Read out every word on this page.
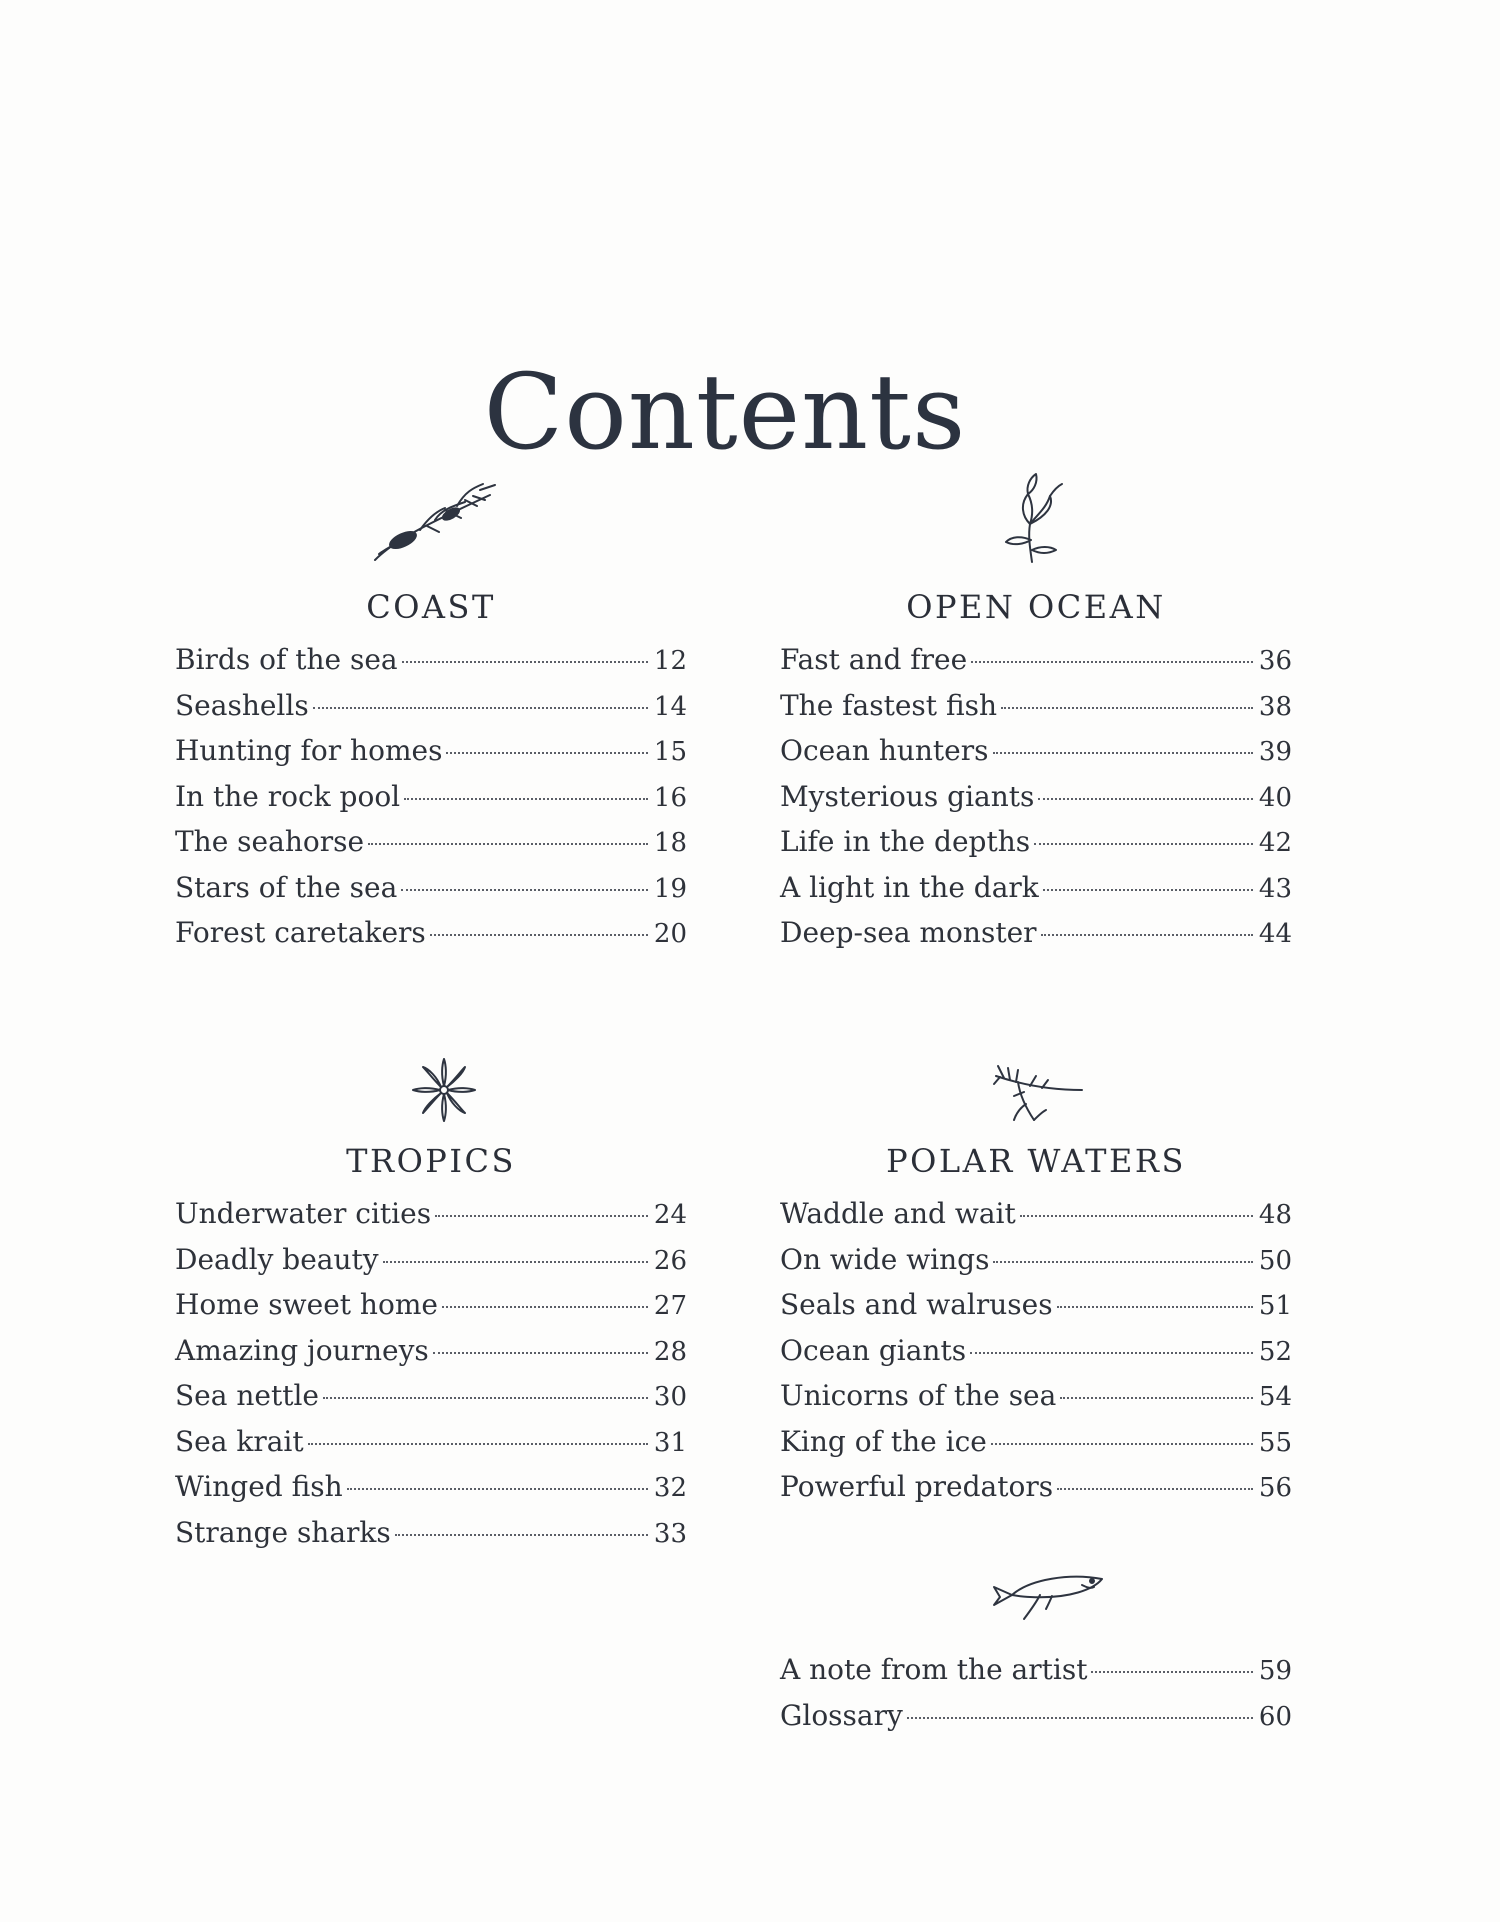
Contents
COAST
Birds of the sea	12
Seashells	14
Hunting for homes	15
In the rock pool	16
The seahorse	18
Stars of the sea	19
Forest caretakers	20
OPEN OCEAN
Fast and free	36
The fastest fish	38
Ocean hunters	39
Mysterious giants	40
Life in the depths	42
A light in the dark	43
Deep-sea monster	44
TROPICS
Underwater cities	24
Deadly beauty	26
Home sweet home	27
Amazing journeys	28
Sea nettle	30
Sea krait	31
Winged fish	32
Strange sharks	33
POLAR WATERS
Waddle and wait	48
On wide wings	50
Seals and walruses	51
Ocean giants	52
Unicorns of the sea	54
King of the ice	55
Powerful predators	56
A note from the artist	59
Glossary	60
